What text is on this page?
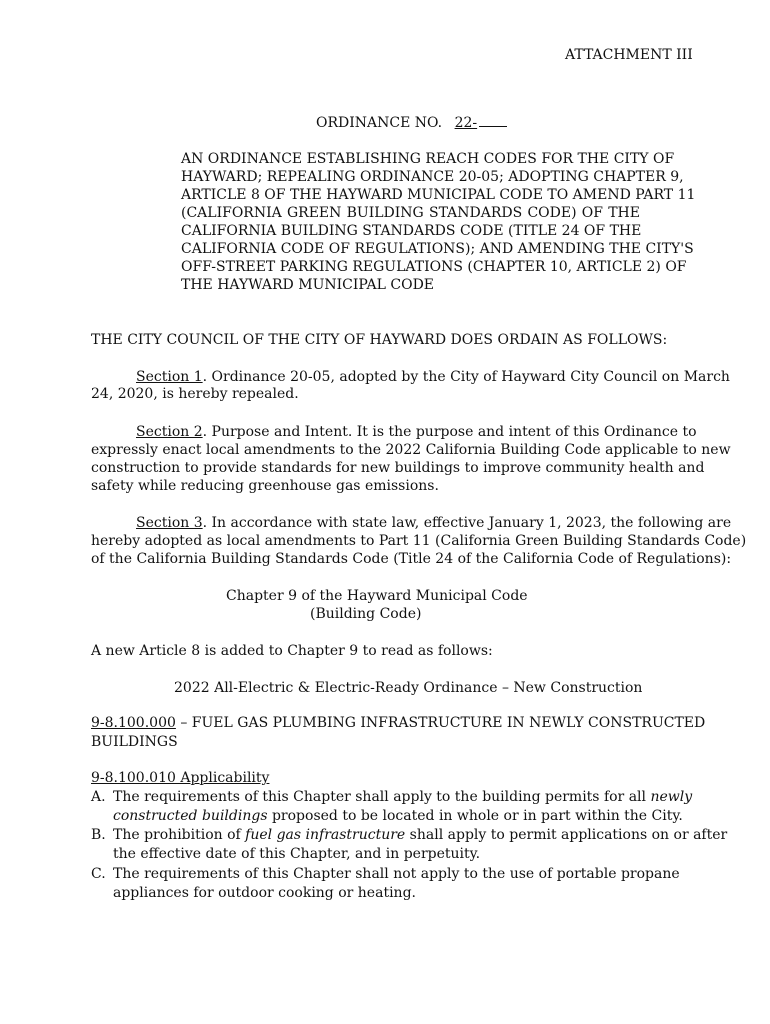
ATTACHMENT III
ORDINANCE NO. 22-
AN ORDINANCE ESTABLISHING REACH CODES FOR THE CITY OF
HAYWARD; REPEALING ORDINANCE 20-05; ADOPTING CHAPTER 9,
ARTICLE 8 OF THE HAYWARD MUNICIPAL CODE TO AMEND PART 11
(CALIFORNIA GREEN BUILDING STANDARDS CODE) OF THE
CALIFORNIA BUILDING STANDARDS CODE (TITLE 24 OF THE
CALIFORNIA CODE OF REGULATIONS); AND AMENDING THE CITY'S
OFF-STREET PARKING REGULATIONS (CHAPTER 10, ARTICLE 2) OF
THE HAYWARD MUNICIPAL CODE
THE CITY COUNCIL OF THE CITY OF HAYWARD DOES ORDAIN AS FOLLOWS:
Section 1. Ordinance 20-05, adopted by the City of Hayward City Council on March
24, 2020, is hereby repealed.
Section 2. Purpose and Intent. It is the purpose and intent of this Ordinance to
expressly enact local amendments to the 2022 California Building Code applicable to new
construction to provide standards for new buildings to improve community health and
safety while reducing greenhouse gas emissions.
Section 3. In accordance with state law, effective January 1, 2023, the following are
hereby adopted as local amendments to Part 11 (California Green Building Standards Code)
of the California Building Standards Code (Title 24 of the California Code of Regulations):
Chapter 9 of the Hayward Municipal Code
(Building Code)
A new Article 8 is added to Chapter 9 to read as follows:
2022 All-Electric & Electric-Ready Ordinance – New Construction
9-8.100.000 – FUEL GAS PLUMBING INFRASTRUCTURE IN NEWLY CONSTRUCTED
BUILDINGS
9-8.100.010 Applicability
A. The requirements of this Chapter shall apply to the building permits for all newly
constructed buildings proposed to be located in whole or in part within the City.
B. The prohibition of fuel gas infrastructure shall apply to permit applications on or after
the effective date of this Chapter, and in perpetuity.
C. The requirements of this Chapter shall not apply to the use of portable propane
appliances for outdoor cooking or heating.
